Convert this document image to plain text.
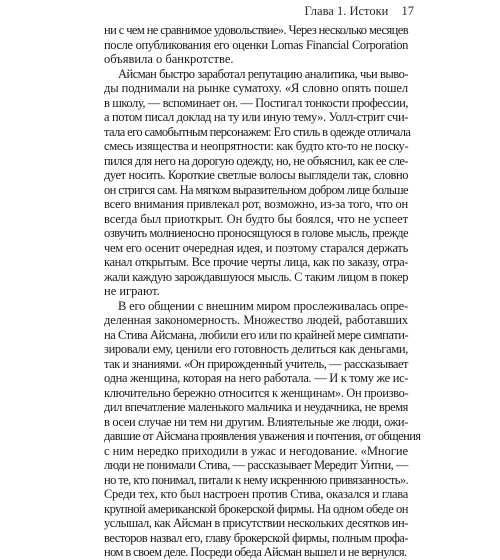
Глава 1. Истоки 17

ни с чем не сравнимое удовольствие». Через несколько месяцев
после опубликования его оценки Lomas Financial Corporation
объявила о банкротстве.

Айсман быстро заработал репутацию аналитика, чьи выво-
ды поднимали на рынке суматоху. «Я словно опять пошел
в школу, — вспоминает он. — Постигал тонкости профессии,
а потом писал доклад на ту или иную тему». Уолл-стрит счи-
тала его самобытным персонажем: Его стиль в одежде отличала
смесь изящества и неопрятности: как будто кто-то не поску-
пился для него на дорогую одежду, но, не объяснил, как ее сле-
дует носить. Короткие светлые волосы выглядели так, словно
он стригся сам. На мягком выразительном добром лице больше
всего внимания привлекал рот, возможно, из-за того, что он
всегда был приоткрыт. Он будто бы боялся, что не успеет
озвучить молниеносно проносящуюся в голове мысль, прежде
чем его осенит очередная идея, и поэтому старался держать
канал открытым. Все прочие черты лица, как по заказу, отра-
жали каждую зарождавшуюся мысль. С таким лицом в покер
не играют.

В его общении с внешним миром прослеживалась опре-
деленная закономерность. Множество людей, работавших
на Стива Айсмана, любили его или по крайней мере симпати-
зировали ему, ценили его готовность делиться как деньгами,
так и знаниями. «Он прирожденный учитель, — рассказывает
одна женщина, которая на него работала. — И к тому же ис-
ключительно бережно относится к женщинам». Он произво-
дил впечатление маленького мальчика и неудачника, не время
в осеи случае ни тем ни другим. Влиятельные же люди, ожи-
давшие от Айсмана проявления уважения и почтения, от общения
с ним нередко приходили в ужас и негодование. «Многие
люди не понимали Стива, — рассказывает Мередит Уитни, —
но те, кто понимал, питали к нему искреннюю привязанность».
Среди тех, кто был настроен против Стива, оказался и глава
крупной американской брокерской фирмы. На одном обеде он
услышал, как Айсман в присутствии нескольких десятков ин-
весторов назвал его, главу брокерской фирмы, полным профа-
ном в своем деле. Посреди обеда Айсман вышел и не вернулся.
